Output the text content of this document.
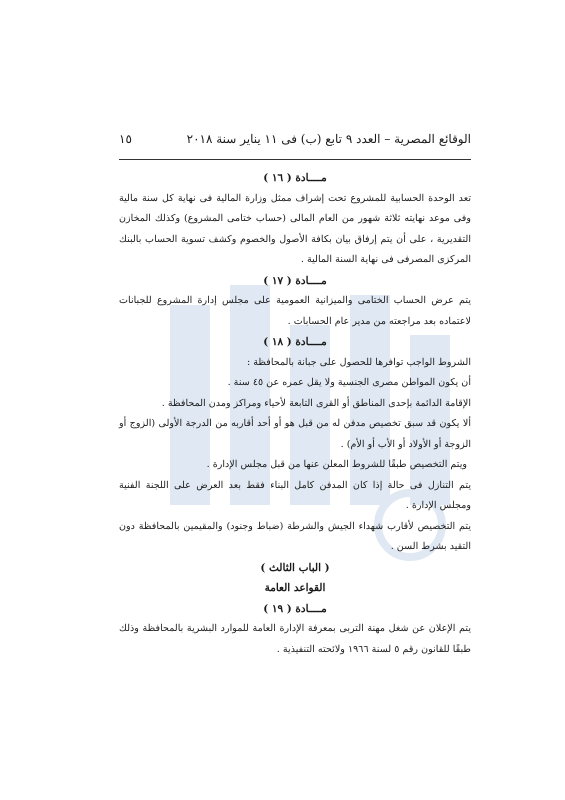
الوقائع المصرية – العدد ٩ تابع (ب) فى ١١ يناير سنة ٢٠١٨
١٥

مــــادة ( ١٦ )

تعد الوحدة الحسابية للمشروع تحت إشراف ممثل وزارة المالية فى نهاية كل سنة مالية وفى موعد نهايته ثلاثة شهور من العام المالى (حساب ختامى المشروع) وكذلك المخازن التقديرية ، على أن يتم إرفاق بيان بكافة الأصول والخصوم وكشف تسوية الحساب بالبنك المركزى المصرفى فى نهاية السنة المالية .

مــــادة ( ١٧ )

يتم عرض الحساب الختامى والميزانية العمومية على مجلس إدارة المشروع للجبانات لاعتماده بعد مراجعته من مدير عام الحسابات .

مــــادة ( ١٨ )

الشروط الواجب توافرها للحصول على جبانة بالمحافظة :

أن يكون المواطن مصرى الجنسية ولا يقل عمره عن ٤٥ سنة .

الإقامة الدائمة بإحدى المناطق أو القرى التابعة لأحياء ومراكز ومدن المحافظة .

ألا يكون قد سبق تخصيص مدفن له من قبل هو أو أحد أقاربه من الدرجة الأولى (الزوج أو الزوجة أو الأولاد أو الأب أو الأم) .

ويتم التخصيص طبقًا للشروط المعلن عنها من قبل مجلس الإدارة .

يتم التنازل فى حالة إذا كان المدفن كامل البناء فقط بعد العرض على اللجنة الفنية ومجلس الإدارة .

يتم التخصيص لأقارب شهداء الجيش والشرطة (ضباط وجنود) والمقيمين بالمحافظة دون التقيد بشرط السن .

( الباب الثالث )

القواعد العامة

مــــادة ( ١٩ )

يتم الإعلان عن شغل مهنة التربى بمعرفة الإدارة العامة للموارد البشرية بالمحافظة وذلك طبقًا للقانون رقم ٥ لسنة ١٩٦٦ ولائحته التنفيذية .
